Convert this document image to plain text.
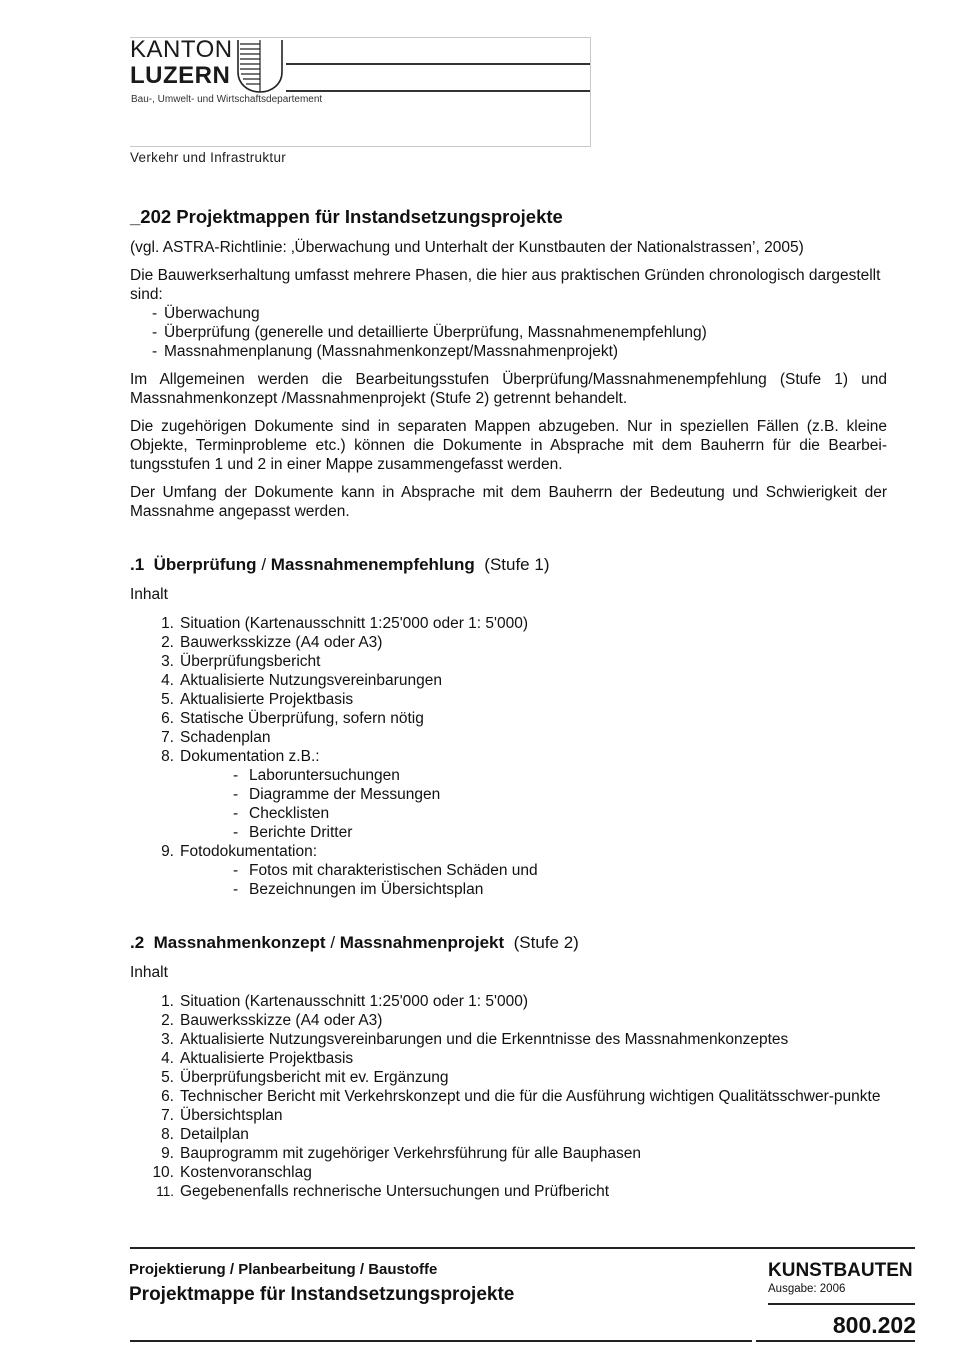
KANTON
LUZERN
Bau-, Umwelt- und Wirtschaftsdepartement
Verkehr und Infrastruktur
_202 Projektmappen für Instandsetzungsprojekte

(vgl. ASTRA-Richtlinie: ‚Überwachung und Unterhalt der Kunstbauten der Nationalstrassen’, 2005)

Die Bauwerkserhaltung umfasst mehrere Phasen, die hier aus praktischen Gründen chronologisch dargestellt sind:

- Überwachung
- Überprüfung (generelle und detaillierte Überprüfung, Massnahmenempfehlung)
- Massnahmenplanung (Massnahmenkonzept/Massnahmenprojekt)

Im Allgemeinen werden die Bearbeitungsstufen Überprüfung/Massnahmenempfehlung (Stufe 1) und Massnahmenkonzept /Massnahmenprojekt (Stufe 2) getrennt behandelt.

Die zugehörigen Dokumente sind in separaten Mappen abzugeben. Nur in speziellen Fällen (z.B. kleine Objekte, Terminprobleme etc.) können die Dokumente in Absprache mit dem Bauherrn für die Bearbei-tungsstufen 1 und 2 in einer Mappe zusammengefasst werden.

Der Umfang der Dokumente kann in Absprache mit dem Bauherrn der Bedeutung und Schwierigkeit der Massnahme angepasst werden.

.1 Überprüfung / Massnahmenempfehlung (Stufe 1)

Inhalt

1. Situation (Kartenausschnitt 1:25'000 oder 1: 5'000)
2. Bauwerksskizze (A4 oder A3)
3. Überprüfungsbericht
4. Aktualisierte Nutzungsvereinbarungen
5. Aktualisierte Projektbasis
6. Statische Überprüfung, sofern nötig
7. Schadenplan
8. Dokumentation z.B.:
- Laboruntersuchungen
- Diagramme der Messungen
- Checklisten
- Berichte Dritter
9. Fotodokumentation:
- Fotos mit charakteristischen Schäden und
- Bezeichnungen im Übersichtsplan
.2 Massnahmenkonzept / Massnahmenprojekt (Stufe 2)

Inhalt

1. Situation (Kartenausschnitt 1:25'000 oder 1: 5'000)
2. Bauwerksskizze (A4 oder A3)
3. Aktualisierte Nutzungsvereinbarungen und die Erkenntnisse des Massnahmenkonzeptes
4. Aktualisierte Projektbasis
5. Überprüfungsbericht mit ev. Ergänzung
6. Technischer Bericht mit Verkehrskonzept und die für die Ausführung wichtigen Qualitätsschwer-punkte
7. Übersichtsplan
8. Detailplan
9. Bauprogramm mit zugehöriger Verkehrsführung für alle Bauphasen
10. Kostenvoranschlag
11. Gegebenenfalls rechnerische Untersuchungen und Prüfbericht
Projektierung / Planbearbeitung / Baustoffe
Projektmappe für Instandsetzungsprojekte
KUNSTBAUTEN
Ausgabe: 2006
800.202
